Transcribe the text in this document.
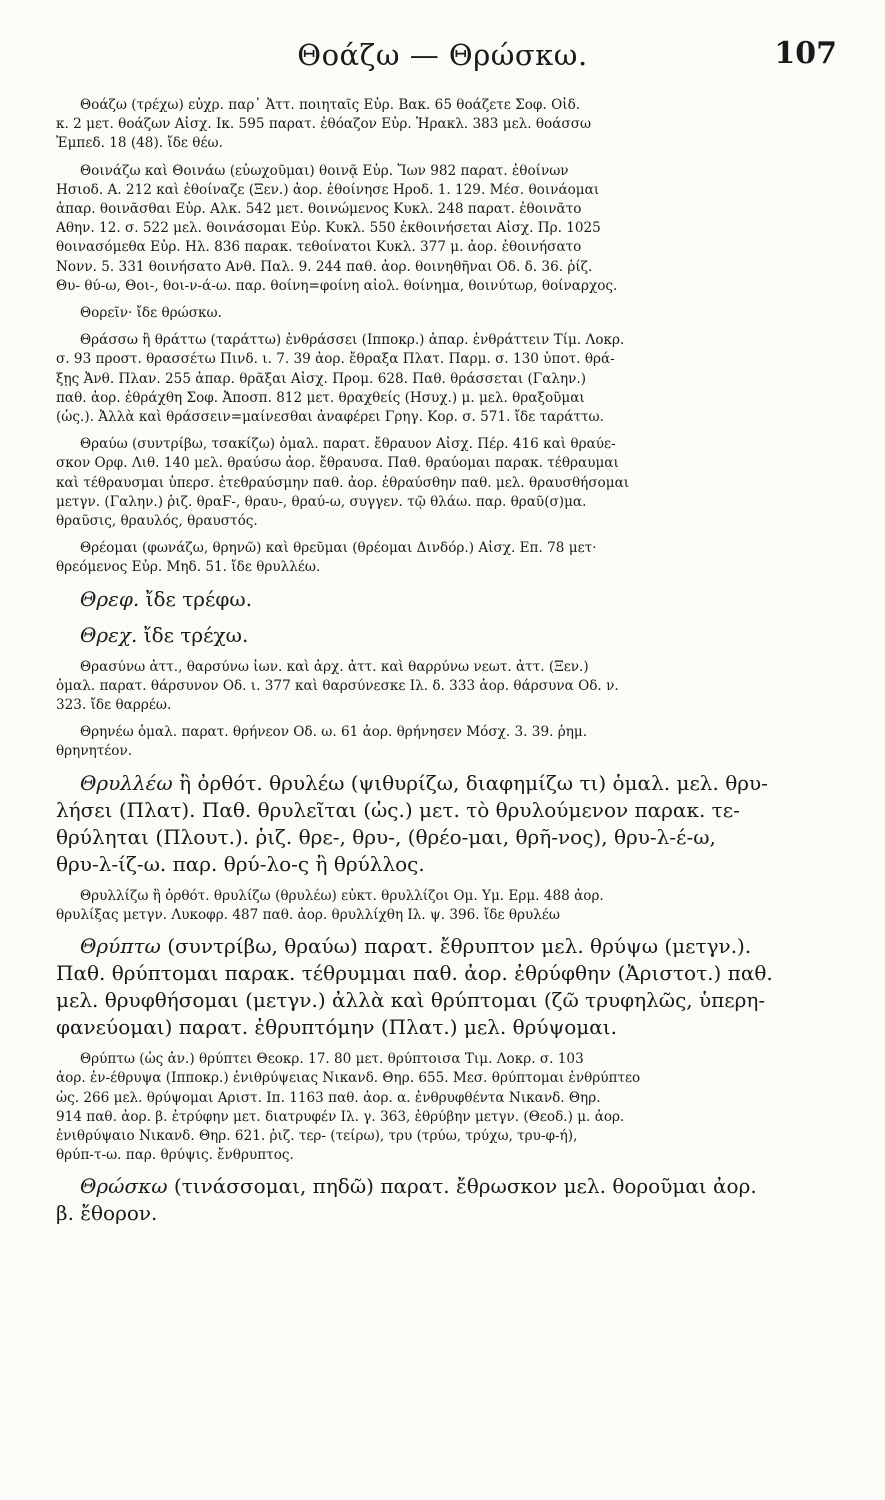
Θοάζω — Θρώσκω.	107
Θοάζω (τρέχω) εὐχρ. παρ᾽ Ἀττ. ποιηταῖς Εὐρ. Βακ. 65 θοάζετε Σοφ. Οἰδ.
κ. 2 μετ. θοάζων Αἰσχ. Ικ. 595 παρατ. ἐθόαζον Εὐρ. Ἡρακλ. 383 μελ. θοάσσω
Ἐμπεδ. 18 (48). ἴδε θέω.
Θοινάζω καὶ Θοινάω (εὐωχοῦμαι) θοινᾷ Εὐρ. Ἴων 982 παρατ. ἐθοίνων
Ησιοδ. Α. 212 καὶ ἐθοίναζε (Ξεν.) ἀορ. ἐθοίνησε Ηροδ. 1. 129. Μέσ. θοινάομαι
ἀπαρ. θοινᾶσθαι Εὐρ. Αλκ. 542 μετ. θοινώμενος Κυκλ. 248 παρατ. ἐθοινᾶτο
Αθην. 12. σ. 522 μελ. θοινάσομαι Εὐρ. Κυκλ. 550 ἐκθοινήσεται Αἰσχ. Πρ. 1025
θοινασόμεθα Εὐρ. Ηλ. 836 παρακ. τεθοίνατοι Κυκλ. 377 μ. ἀορ. ἐθοινήσατο
Νονν. 5. 331 θοινήσατο Ανθ. Παλ. 9. 244 παθ. ἀορ. θοινηθῆναι Οδ. δ. 36. ῥίζ.
Θυ- θύ-ω, Θοι-, θοι-ν-ά-ω. παρ. θοίνη=φοίνη αἰολ. θοίνημα, θοινύτωρ, θοίναρχος.
Θορεῖν· ἴδε θρώσκω.
Θράσσω ἢ θράττω (ταράττω) ἐνθράσσει (Ιπποκρ.) ἀπαρ. ἐνθράττειν Τίμ. Λοκρ.
σ. 93 προστ. θρασσέτω Πινδ. ι. 7. 39 ἀορ. ἔθραξα Πλατ. Παρμ. σ. 130 ὑποτ. θρά-
ξῃς Ἀνθ. Πλαν. 255 ἀπαρ. θρᾶξαι Αἰσχ. Προμ. 628. Παθ. θράσσεται (Γαλην.)
παθ. ἀορ. ἐθράχθη Σοφ. Ἀποσπ. 812 μετ. θραχθείς (Ησυχ.) μ. μελ. θραξοῦμαι
(ὡς.). Ἀλλὰ καὶ θράσσειν=μαίνεσθαι ἀναφέρει Γρηγ. Κορ. σ. 571. ἴδε ταράττω.
Θραύω (συντρίβω, τσακίζω) ὁμαλ. παρατ. ἔθραυον Αἰσχ. Πέρ. 416 καὶ θραύε-
σκον Ορφ. Λιθ. 140 μελ. θραύσω ἀορ. ἔθραυσα. Παθ. θραύομαι παρακ. τέθραυμαι
καὶ τέθραυσμαι ὑπερσ. ἐτεθραύσμην παθ. ἀορ. ἐθραύσθην παθ. μελ. θραυσθήσομαι
μετγν. (Γαλην.) ῥιζ. θραϜ-, θραυ-, θραύ-ω, συγγεν. τῷ θλάω. παρ. θραῦ(σ)μα.
θραῦσις, θραυλός, θραυστός.
Θρέομαι (φωνάζω, θρηνῶ) καὶ θρεῦμαι (θρέομαι Δινδόρ.) Αἰσχ. Επ. 78 μετ·
θρεόμενος Εὐρ. Μηδ. 51. ἴδε θρυλλέω.
Θρεφ. ἴδε τρέφω.
Θρεχ. ἴδε τρέχω.
Θρασύνω ἀττ., θαρσύνω ἰων. καὶ ἀρχ. ἀττ. καὶ θαρρύνω νεωτ. ἀττ. (Ξεν.)
ὁμαλ. παρατ. θάρσυνον Οδ. ι. 377 καὶ θαρσύνεσκε Ιλ. δ. 333 ἀορ. θάρσυνα Οδ. ν.
323. ἴδε θαρρέω.
Θρηνέω ὁμαλ. παρατ. θρήνεον Οδ. ω. 61 ἀορ. θρήνησεν Μόσχ. 3. 39. ῥημ.
θρηνητέον.
Θρυλλέω ἢ ὀρθότ. θρυλέω (ψιθυρίζω, διαφημίζω τι) ὁμαλ. μελ. θρυ-
λήσει (Πλατ). Παθ. θρυλεῖται (ὡς.) μετ. τὸ θρυλούμενον παρακ. τε-
θρύληται (Πλουτ.). ῥιζ. θρε-, θρυ-, (θρέο-μαι, θρῆ-νος), θρυ-λ-έ-ω,
θρυ-λ-ίζ-ω. παρ. θρύ-λο-ς ἢ θρύλλος.
Θρυλλίζω ἢ ὀρθότ. θρυλίζω (θρυλέω) εὐκτ. θρυλλίζοι Ομ. Υμ. Ερμ. 488 ἀορ.
θρυλίξας μετγν. Λυκοφρ. 487 παθ. ἀορ. θρυλλίχθη Ιλ. ψ. 396. ἴδε θρυλέω
Θρύπτω (συντρίβω, θραύω) παρατ. ἔθρυπτον μελ. θρύψω (μετγν.).
Παθ. θρύπτομαι παρακ. τέθρυμμαι παθ. ἀορ. ἐθρύφθην (Ἀριστοτ.) παθ.
μελ. θρυφθήσομαι (μετγν.) ἀλλὰ καὶ θρύπτομαι (ζῶ τρυφηλῶς, ὑπερη-
φανεύομαι) παρατ. ἐθρυπτόμην (Πλατ.) μελ. θρύψομαι.
Θρύπτω (ὡς ἀν.) θρύπτει Θεοκρ. 17. 80 μετ. θρύπτοισα Τιμ. Λοκρ. σ. 103
ἀορ. ἐν-έθρυψα (Ιπποκρ.) ἐνιθρύψειας Νικανδ. Θηρ. 655. Μεσ. θρύπτομαι ἐνθρύπτεο
ὡς. 266 μελ. θρύψομαι Αριστ. Ιπ. 1163 παθ. ἀορ. α. ἐνθρυφθέντα Νικανδ. Θηρ.
914 παθ. ἀορ. β. ἐτρύφην μετ. διατρυφέν Ιλ. γ. 363, ἐθρύβην μετγν. (Θεοδ.) μ. ἀορ.
ἐνιθρύψαιο Νικανδ. Θηρ. 621. ῥιζ. τερ- (τείρω), τρυ (τρύω, τρύχω, τρυ-φ-ή),
θρύπ-τ-ω. παρ. θρύψις. ἔνθρυπτος.
Θρώσκω (τινάσσομαι, πηδῶ) παρατ. ἔθρωσκον μελ. θοροῦμαι ἀορ.
β. ἔθορον.
